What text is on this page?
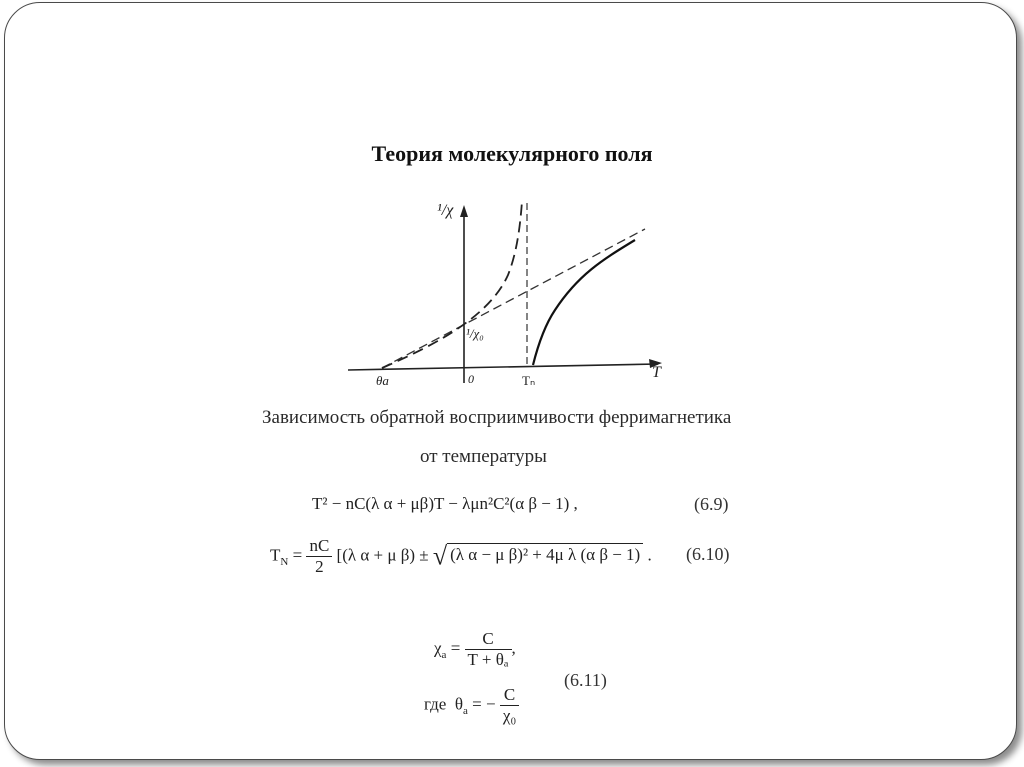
Теория молекулярного поля
¹/χ
T
¹/χ₀
θa	0	Tₙ
Зависимость обратной восприимчивости ферримагнетика
от температуры
T² − nC(λ α + μβ)T − λμn²C²(α β − 1) ,	(6.9)
$T_N = \frac{nC}{2} [(\lambda$ α + μ β) ± √ (λ α − μ β)² + 4μ λ (α β − 1) . (6.10)
$\chi_a = \frac{C}{\text{T + θₐ}}$ ,
где $\theta_a$ = − $\frac{C}{\text{χ₀}}$
(6.11)
